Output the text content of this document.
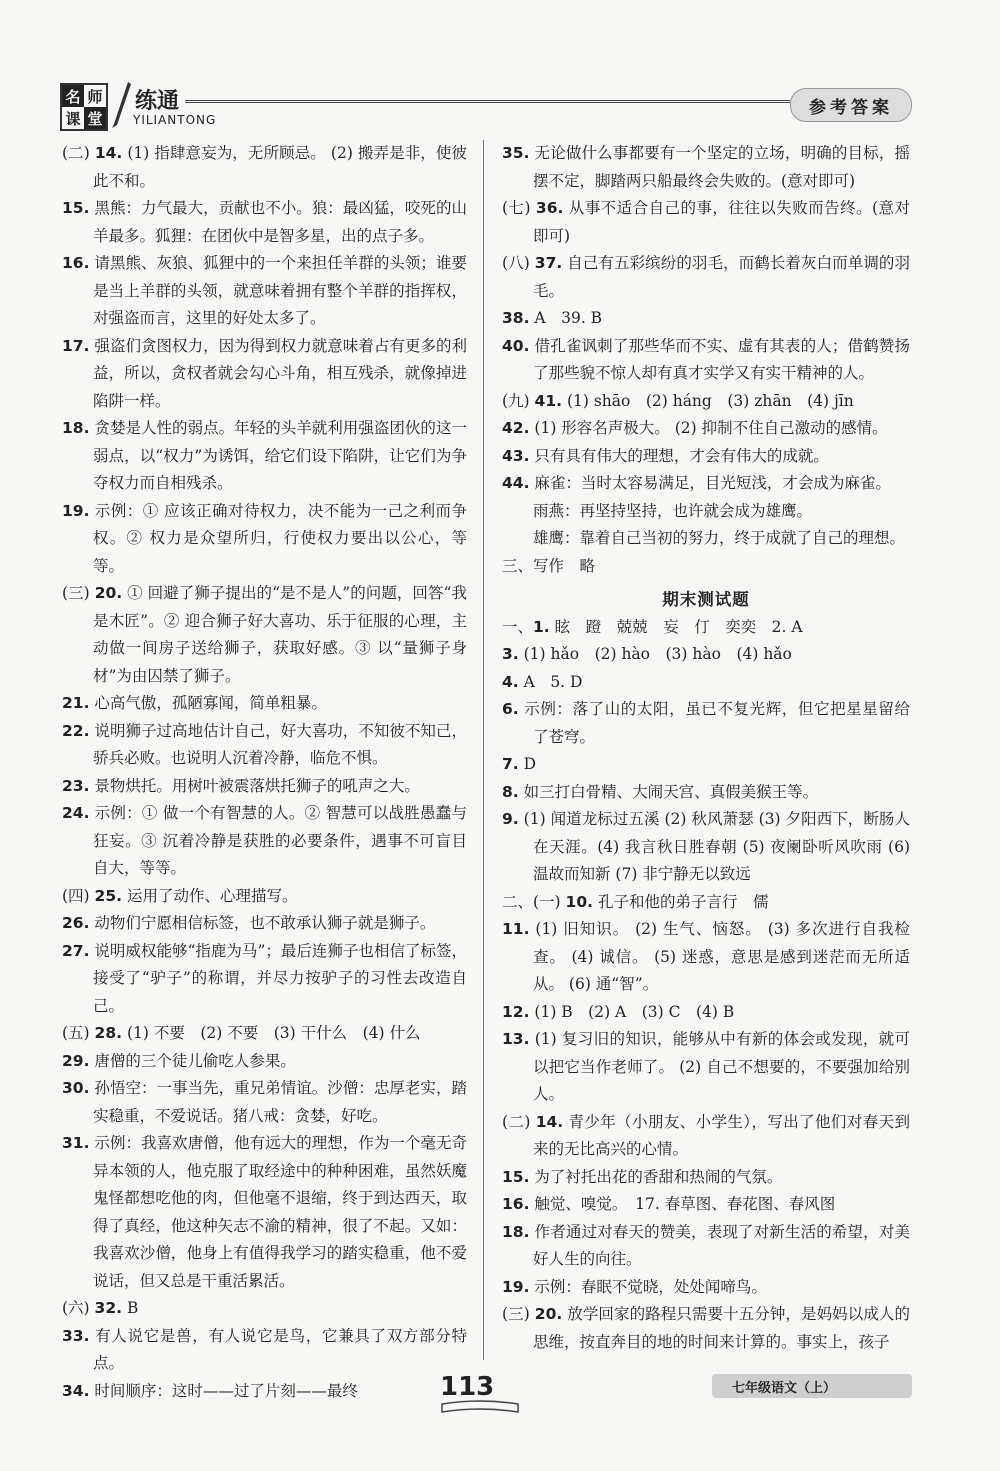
名 师
课 堂
练通
YILIANTONG
参考答案
(二) 14. (1) 指肆意妄为，无所顾忌。 (2) 搬弄是非，使彼此不和。
15. 黑熊：力气最大，贡献也不小。狼：最凶猛，咬死的山羊最多。狐狸：在团伙中是智多星，出的点子多。
16. 请黑熊、灰狼、狐狸中的一个来担任羊群的头领；谁要是当上羊群的头领，就意味着拥有整个羊群的指挥权，对强盗而言，这里的好处太多了。
17. 强盗们贪图权力，因为得到权力就意味着占有更多的利益，所以，贪权者就会勾心斗角，相互残杀，就像掉进陷阱一样。
18. 贪婪是人性的弱点。年轻的头羊就利用强盗团伙的这一弱点，以“权力”为诱饵，给它们设下陷阱，让它们为争夺权力而自相残杀。
19. 示例：① 应该正确对待权力，决不能为一己之利而争权。② 权力是众望所归，行使权力要出以公心，等等。
(三) 20. ① 回避了狮子提出的“是不是人”的问题，回答“我是木匠”。② 迎合狮子好大喜功、乐于征服的心理，主动做一间房子送给狮子，获取好感。③ 以“量狮子身材”为由囚禁了狮子。
21. 心高气傲，孤陋寡闻，简单粗暴。
22. 说明狮子过高地估计自己，好大喜功，不知彼不知己，骄兵必败。也说明人沉着冷静，临危不惧。
23. 景物烘托。用树叶被震落烘托狮子的吼声之大。
24. 示例：① 做一个有智慧的人。② 智慧可以战胜愚蠢与狂妄。③ 沉着冷静是获胜的必要条件，遇事不可盲目自大，等等。
(四) 25. 运用了动作、心理描写。
26. 动物们宁愿相信标签，也不敢承认狮子就是狮子。
27. 说明威权能够“指鹿为马”；最后连狮子也相信了标签，接受了“驴子”的称谓，并尽力按驴子的习性去改造自己。
(五) 28. (1) 不要　(2) 不要　(3) 干什么　(4) 什么
29. 唐僧的三个徒儿偷吃人参果。
30. 孙悟空：一事当先，重兄弟情谊。沙僧：忠厚老实，踏实稳重，不爱说话。猪八戒：贪婪，好吃。
31. 示例：我喜欢唐僧，他有远大的理想，作为一个毫无奇异本领的人，他克服了取经途中的种种困难，虽然妖魔鬼怪都想吃他的肉，但他毫不退缩，终于到达西天，取得了真经，他这种矢志不渝的精神，很了不起。又如：我喜欢沙僧，他身上有值得我学习的踏实稳重，他不爱说话，但又总是干重活累活。
(六) 32. B
33. 有人说它是兽，有人说它是鸟，它兼具了双方部分特点。
34. 时间顺序：这时——过了片刻——最终
35. 无论做什么事都要有一个坚定的立场，明确的目标，摇摆不定，脚踏两只船最终会失败的。(意对即可)
(七) 36. 从事不适合自己的事，往往以失败而告终。(意对即可)
(八) 37. 自己有五彩缤纷的羽毛，而鹤长着灰白而单调的羽毛。
38. A　39. B
40. 借孔雀讽刺了那些华而不实、虚有其表的人；借鹤赞扬了那些貌不惊人却有真才实学又有实干精神的人。
(九) 41. (1) shāo　(2) háng　(3) zhān　(4) jīn
42. (1) 形容名声极大。 (2) 抑制不住自己激动的感情。
43. 只有具有伟大的理想，才会有伟大的成就。
44. 麻雀：当时太容易满足，目光短浅，才会成为麻雀。
雨燕：再坚持坚持，也许就会成为雄鹰。
雄鹰：靠着自己当初的努力，终于成就了自己的理想。
三、写作　略
期末测试题
一、1. 眩　蹬　兢兢　妄　仃　奕奕　2. A
3. (1) hǎo　(2) hào　(3) hào　(4) hǎo
4. A　5. D
6. 示例：落了山的太阳，虽已不复光辉，但它把星星留给了苍穹。
7. D
8. 如三打白骨精、大闹天宫、真假美猴王等。
9. (1) 闻道龙标过五溪 (2) 秋风萧瑟 (3) 夕阳西下，断肠人在天涯。(4) 我言秋日胜春朝 (5) 夜阑卧听风吹雨 (6) 温故而知新 (7) 非宁静无以致远
二、(一) 10. 孔子和他的弟子言行　儒
11. (1) 旧知识。 (2) 生气、恼怒。 (3) 多次进行自我检查。 (4) 诚信。 (5) 迷惑，意思是感到迷茫而无所适从。 (6) 通“智”。
12. (1) B　(2) A　(3) C　(4) B
13. (1) 复习旧的知识，能够从中有新的体会或发现，就可以把它当作老师了。 (2) 自己不想要的，不要强加给别人。
(二) 14. 青少年（小朋友、小学生），写出了他们对春天到来的无比高兴的心情。
15. 为了衬托出花的香甜和热闹的气氛。
16. 触觉、嗅觉。　17. 春草图、春花图、春风图
18. 作者通过对春天的赞美，表现了对新生活的希望，对美好人生的向往。
19. 示例：春眠不觉晓，处处闻啼鸟。
(三) 20. 放学回家的路程只需要十五分钟，是妈妈以成人的思维，按直奔目的地的时间来计算的。事实上，孩子
113	七年级语文（上）
